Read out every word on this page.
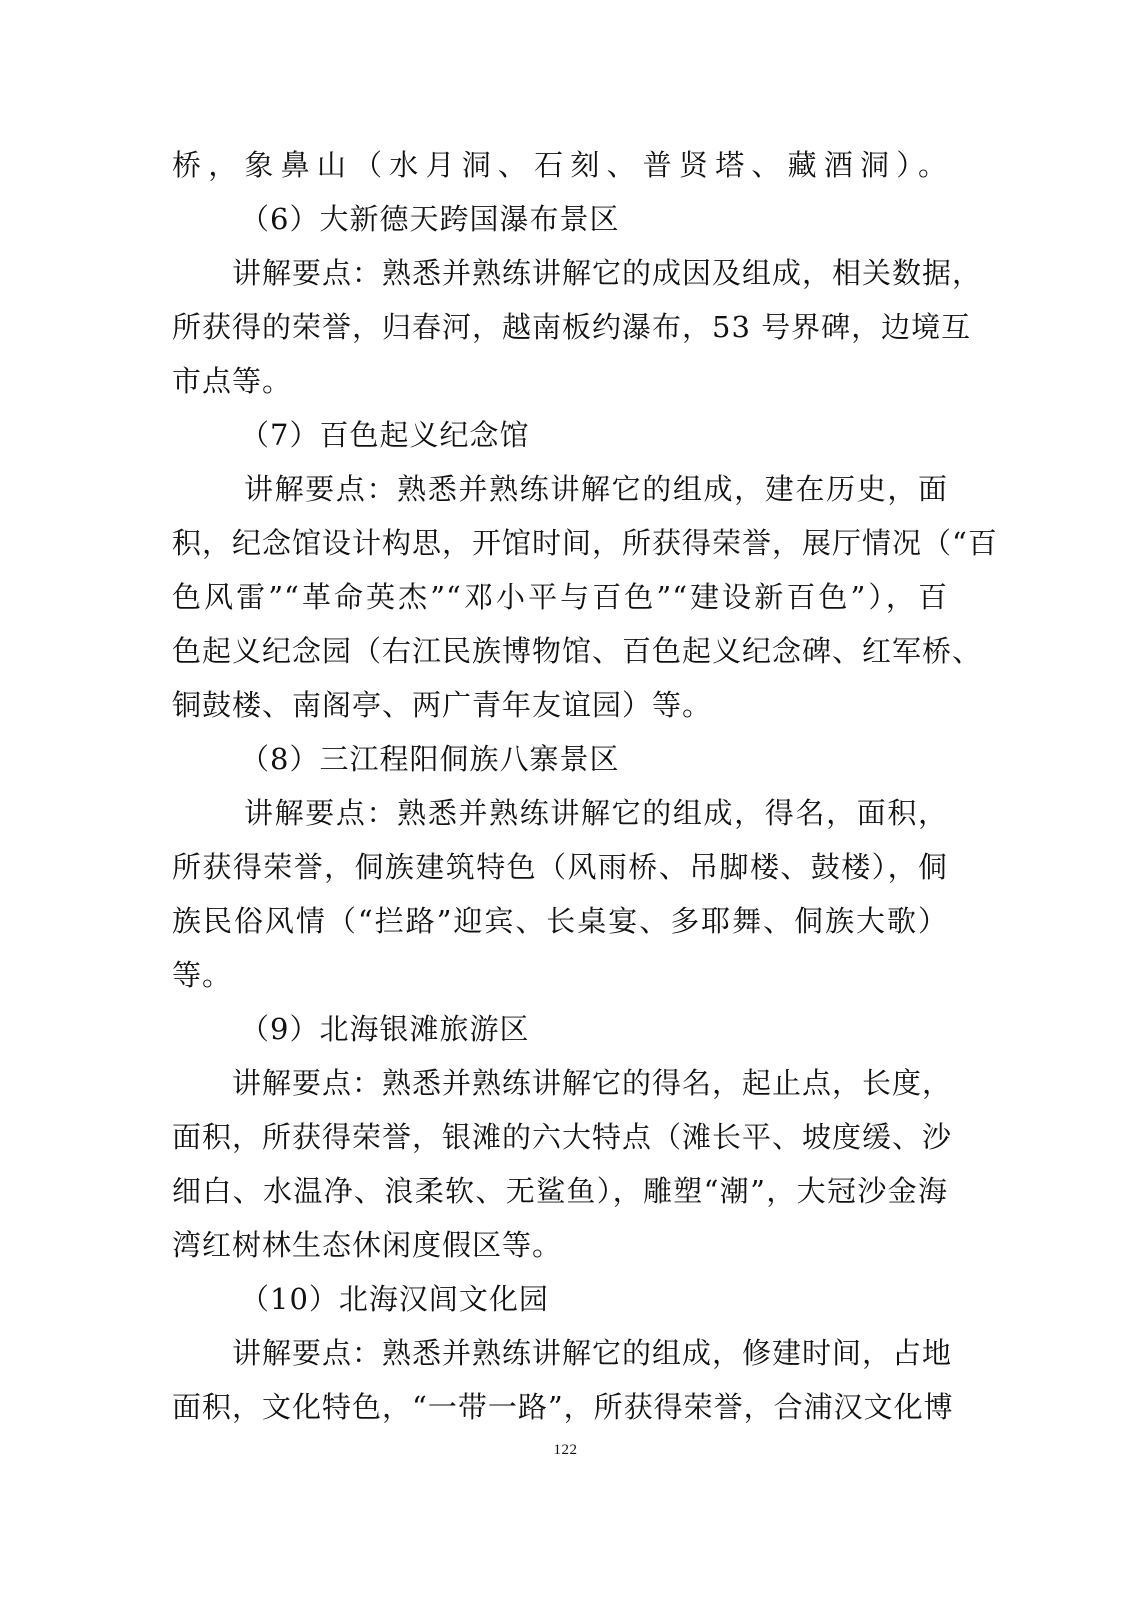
桥，象鼻山（水月洞、石刻、普贤塔、藏酒洞）。
（6）大新德天跨国瀑布景区
讲解要点：熟悉并熟练讲解它的成因及组成，相关数据，
所获得的荣誉，归春河，越南板约瀑布，53 号界碑，边境互
市点等。
（7）百色起义纪念馆
讲解要点：熟悉并熟练讲解它的组成，建在历史，面
积，纪念馆设计构思，开馆时间，所获得荣誉，展厅情况（“百
色风雷”“革命英杰”“邓小平与百色”“建设新百色”），百
色起义纪念园（右江民族博物馆、百色起义纪念碑、红军桥、
铜鼓楼、南阁亭、两广青年友谊园）等。
（8）三江程阳侗族八寨景区
讲解要点：熟悉并熟练讲解它的组成，得名，面积，
所获得荣誉，侗族建筑特色（风雨桥、吊脚楼、鼓楼），侗
族民俗风情（“拦路”迎宾、长桌宴、多耶舞、侗族大歌）
等。
（9）北海银滩旅游区
讲解要点：熟悉并熟练讲解它的得名，起止点，长度，
面积，所获得荣誉，银滩的六大特点（滩长平、坡度缓、沙
细白、水温净、浪柔软、无鲨鱼），雕塑“潮”，大冠沙金海
湾红树林生态休闲度假区等。
（10）北海汉闾文化园
讲解要点：熟悉并熟练讲解它的组成，修建时间，占地
面积，文化特色，“一带一路”，所获得荣誉，合浦汉文化博
122
